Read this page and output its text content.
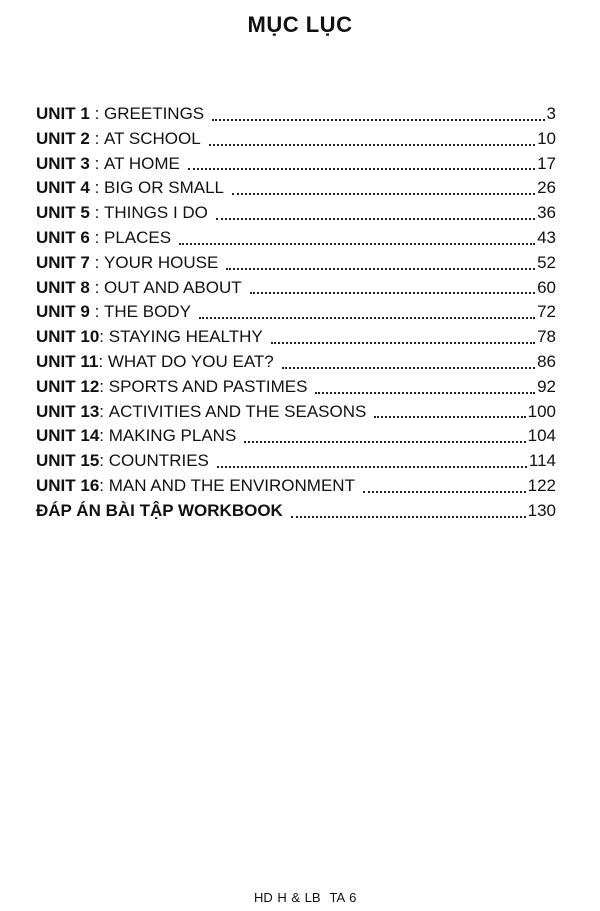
MỤC LỤC
UNIT 1 : GREETINGS	3
UNIT 2 : AT SCHOOL	10
UNIT 3 : AT HOME	17
UNIT 4 : BIG OR SMALL	26
UNIT 5 : THINGS I DO	36
UNIT 6 : PLACES	43
UNIT 7 : YOUR HOUSE	52
UNIT 8 : OUT AND ABOUT	60
UNIT 9 : THE BODY	72
UNIT 10 : STAYING HEALTHY	78
UNIT 11 : WHAT DO YOU EAT?	86
UNIT 12 : SPORTS AND PASTIMES	92
UNIT 13 : ACTIVITIES AND THE SEASONS	100
UNIT 14 : MAKING PLANS	104
UNIT 15 : COUNTRIES	114
UNIT 16 : MAN AND THE ENVIRONMENT	122
ĐÁP ÁN BÀI TẬP WORKBOOK	130
HD H & LB  TA 6
